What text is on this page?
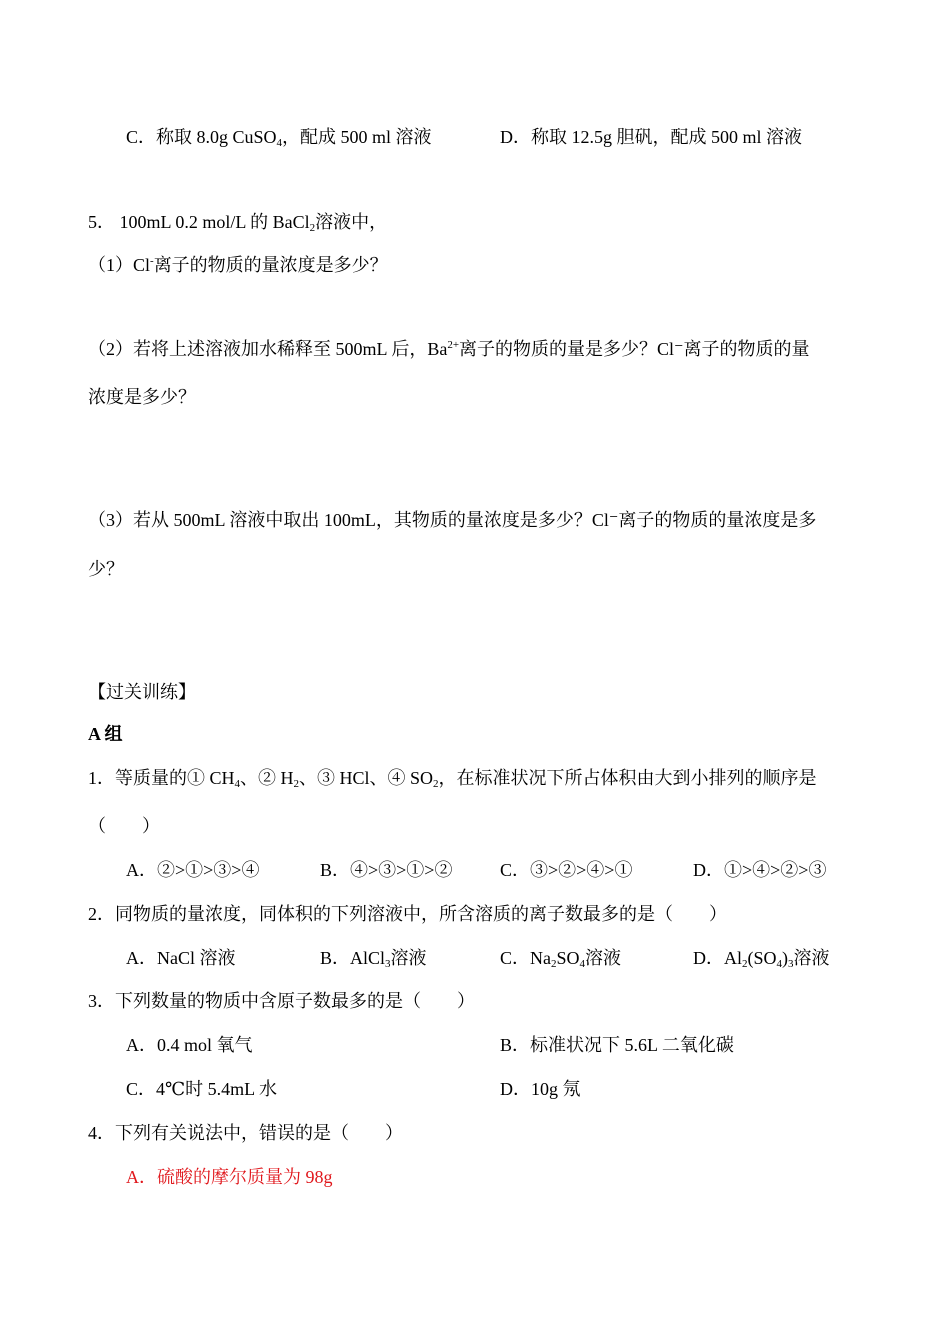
C．称取 8.0g CuSO$_4$，配成 500 ml 溶液	D．称取 12.5g 胆矾，配成 500 ml 溶液
5． 100mL 0.2 mol/L 的 BaCl$_2$溶液中，
（1）Cl-离子的物质的量浓度是多少？
（2）若将上述溶液加水稀释至 500mL 后，$Ba^{2+}$离子的物质的量是多少？Cl⁻离子的物质的量
浓度是多少？
（3）若从 500mL 溶液中取出 100mL，其物质的量浓度是多少？Cl⁻离子的物质的量浓度是多
少？
【过关训练】
A 组
1．等质量的① $CH_4$、② $H_2$、③ HCl、④ $SO_2$，在标准状况下所占体积由大到小排列的顺序是
（　　）
A．②>①>③>④	B．④>③>①>②	C．③>②>④>①	D．①>④>②>③
2．同物质的量浓度，同体积的下列溶液中，所含溶质的离子数最多的是（　　）
A．NaCl 溶液	B．AlCl$_3$溶液	C．$Na_2SO_4$溶液	D．$Al_2(SO_4)_3$溶液
3．下列数量的物质中含原子数最多的是（　　）
A．0.4 mol 氧气	B．标准状况下 5.6L 二氧化碳
C．4℃时 5.4mL 水	D．10g 氖
4．下列有关说法中，错误的是（　　）
A．硫酸的摩尔质量为 98g
